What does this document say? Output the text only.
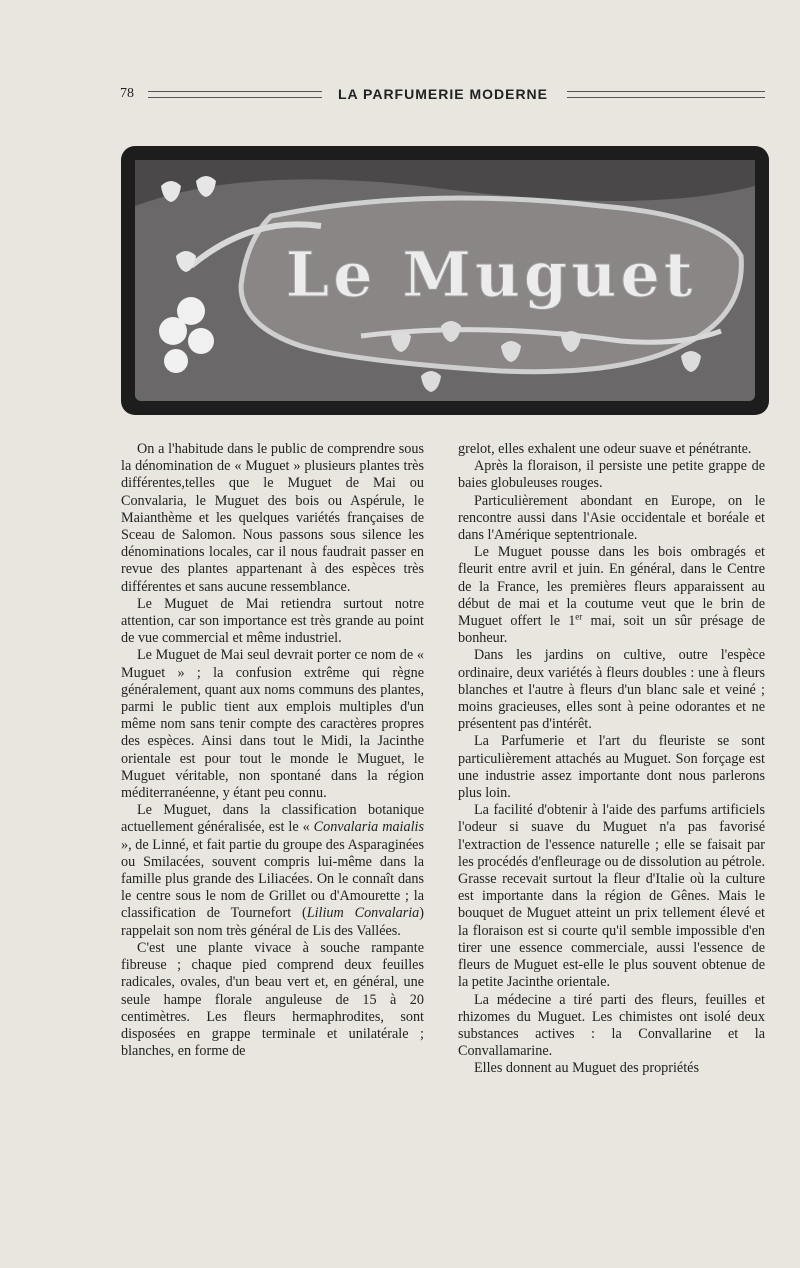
78	LA PARFUMERIE MODERNE
Le Muguet

On a l'habitude dans le public de comprendre sous la dénomination de « Muguet » plusieurs plantes très différentes,telles que le Muguet de Mai ou Convalaria, le Muguet des bois ou Aspérule, le Maianthème et les quelques variétés françaises de Sceau de Salomon. Nous passons sous silence les dénominations locales, car il nous faudrait passer en revue des plantes appartenant à des espèces très différentes et sans aucune ressemblance.

Le Muguet de Mai retiendra surtout notre attention, car son importance est très grande au point de vue commercial et même industriel.

Le Muguet de Mai seul devrait porter ce nom de « Muguet » ; la confusion extrême qui règne généralement, quant aux noms communs des plantes, parmi le public tient aux emplois multiples d'un même nom sans tenir compte des caractères propres des espèces. Ainsi dans tout le Midi, la Jacinthe orientale est pour tout le monde le Muguet, le Muguet véritable, non spontané dans la région méditerranéenne, y étant peu connu.

Le Muguet, dans la classification botanique actuellement généralisée, est le « Convalaria maialis », de Linné, et fait partie du groupe des Asparaginées ou Smilacées, souvent compris lui-même dans la famille plus grande des Liliacées. On le connaît dans le centre sous le nom de Grillet ou d'Amourette ; la classification de Tournefort (Lilium Convalaria) rappelait son nom très général de Lis des Vallées.

C'est une plante vivace à souche rampante fibreuse ; chaque pied comprend deux feuilles radicales, ovales, d'un beau vert et, en général, une seule hampe florale anguleuse de 15 à 20 centimètres. Les fleurs hermaphrodites, sont disposées en grappe terminale et unilatérale ; blanches, en forme de

grelot, elles exhalent une odeur suave et pénétrante.

Après la floraison, il persiste une petite grappe de baies globuleuses rouges.

Particulièrement abondant en Europe, on le rencontre aussi dans l'Asie occidentale et boréale et dans l'Amérique septentrionale.

Le Muguet pousse dans les bois ombragés et fleurit entre avril et juin. En général, dans le Centre de la France, les premières fleurs apparaissent au début de mai et la coutume veut que le brin de Muguet offert le 1er mai, soit un sûr présage de bonheur.

Dans les jardins on cultive, outre l'espèce ordinaire, deux variétés à fleurs doubles : une à fleurs blanches et l'autre à fleurs d'un blanc sale et veiné ; moins gracieuses, elles sont à peine odorantes et ne présentent pas d'intérêt.

La Parfumerie et l'art du fleuriste se sont particulièrement attachés au Muguet. Son forçage est une industrie assez importante dont nous parlerons plus loin.

La facilité d'obtenir à l'aide des parfums artificiels l'odeur si suave du Muguet n'a pas favorisé l'extraction de l'essence naturelle ; elle se faisait par les procédés d'enfleurage ou de dissolution au pétrole. Grasse recevait surtout la fleur d'Italie où la culture est importante dans la région de Gênes. Mais le bouquet de Muguet atteint un prix tellement élevé et la floraison est si courte qu'il semble impossible d'en tirer une essence commerciale, aussi l'essence de fleurs de Muguet est-elle le plus souvent obtenue de la petite Jacinthe orientale.

La médecine a tiré parti des fleurs, feuilles et rhizomes du Muguet. Les chimistes ont isolé deux substances actives : la Convallarine et la Convallamarine.

Elles donnent au Muguet des propriétés
